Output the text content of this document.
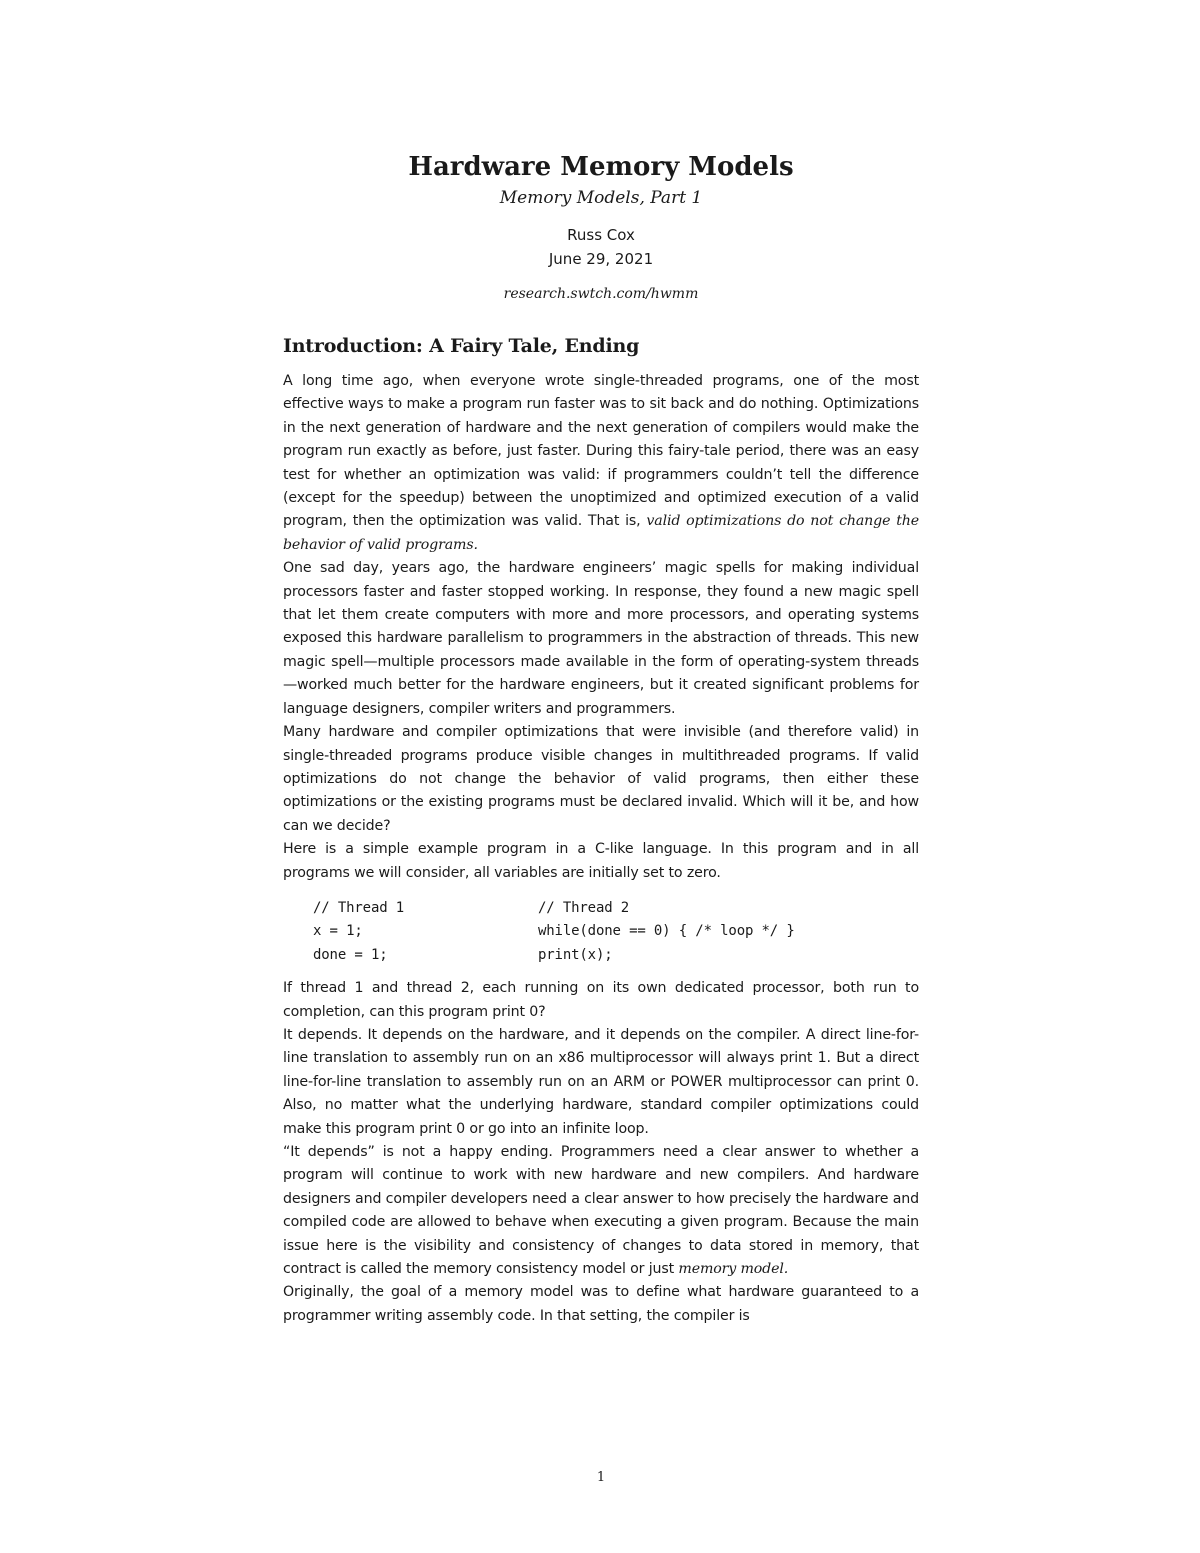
Hardware Memory Models
Memory Models, Part 1
Russ Cox
June 29, 2021
research.swtch.com/hwmm
Introduction: A Fairy Tale, Ending

A long time ago, when everyone wrote single-threaded programs, one of the most effective ways to make a program run faster was to sit back and do nothing. Optimizations in the next generation of hardware and the next generation of compilers would make the program run exactly as before, just faster. During this fairy-tale period, there was an easy test for whether an optimization was valid: if programmers couldn’t tell the difference (except for the speedup) between the unoptimized and optimized execution of a valid program, then the optimization was valid. That is, valid optimizations do not change the behavior of valid programs.

One sad day, years ago, the hardware engineers’ magic spells for making individual processors faster and faster stopped working. In response, they found a new magic spell that let them create computers with more and more processors, and operating systems exposed this hardware parallelism to programmers in the abstraction of threads. This new magic spell—multiple processors made available in the form of operating-system threads—worked much better for the hardware engineers, but it created significant problems for language designers, compiler writers and programmers.

Many hardware and compiler optimizations that were invisible (and therefore valid) in single-threaded programs produce visible changes in multithreaded programs. If valid optimizations do not change the behavior of valid programs, then either these optimizations or the existing programs must be declared invalid. Which will it be, and how can we decide?

Here is a simple example program in a C-like language. In this program and in all programs we will consider, all variables are initially set to zero.

// Thread 1	// Thread 2
x = 1;	while(done == 0) { /* loop */ }
done = 1;	print(x);

If thread 1 and thread 2, each running on its own dedicated processor, both run to completion, can this program print 0?

It depends. It depends on the hardware, and it depends on the compiler. A direct line-for-line translation to assembly run on an x86 multiprocessor will always print 1. But a direct line-for-line translation to assembly run on an ARM or POWER multiprocessor can print 0. Also, no matter what the underlying hardware, standard compiler optimizations could make this program print 0 or go into an infinite loop.

“It depends” is not a happy ending. Programmers need a clear answer to whether a program will continue to work with new hardware and new compilers. And hardware designers and compiler developers need a clear answer to how precisely the hardware and compiled code are allowed to behave when executing a given program. Because the main issue here is the visibility and consistency of changes to data stored in memory, that contract is called the memory consistency model or just memory model.

Originally, the goal of a memory model was to define what hardware guaranteed to a programmer writing assembly code. In that setting, the compiler is

1
